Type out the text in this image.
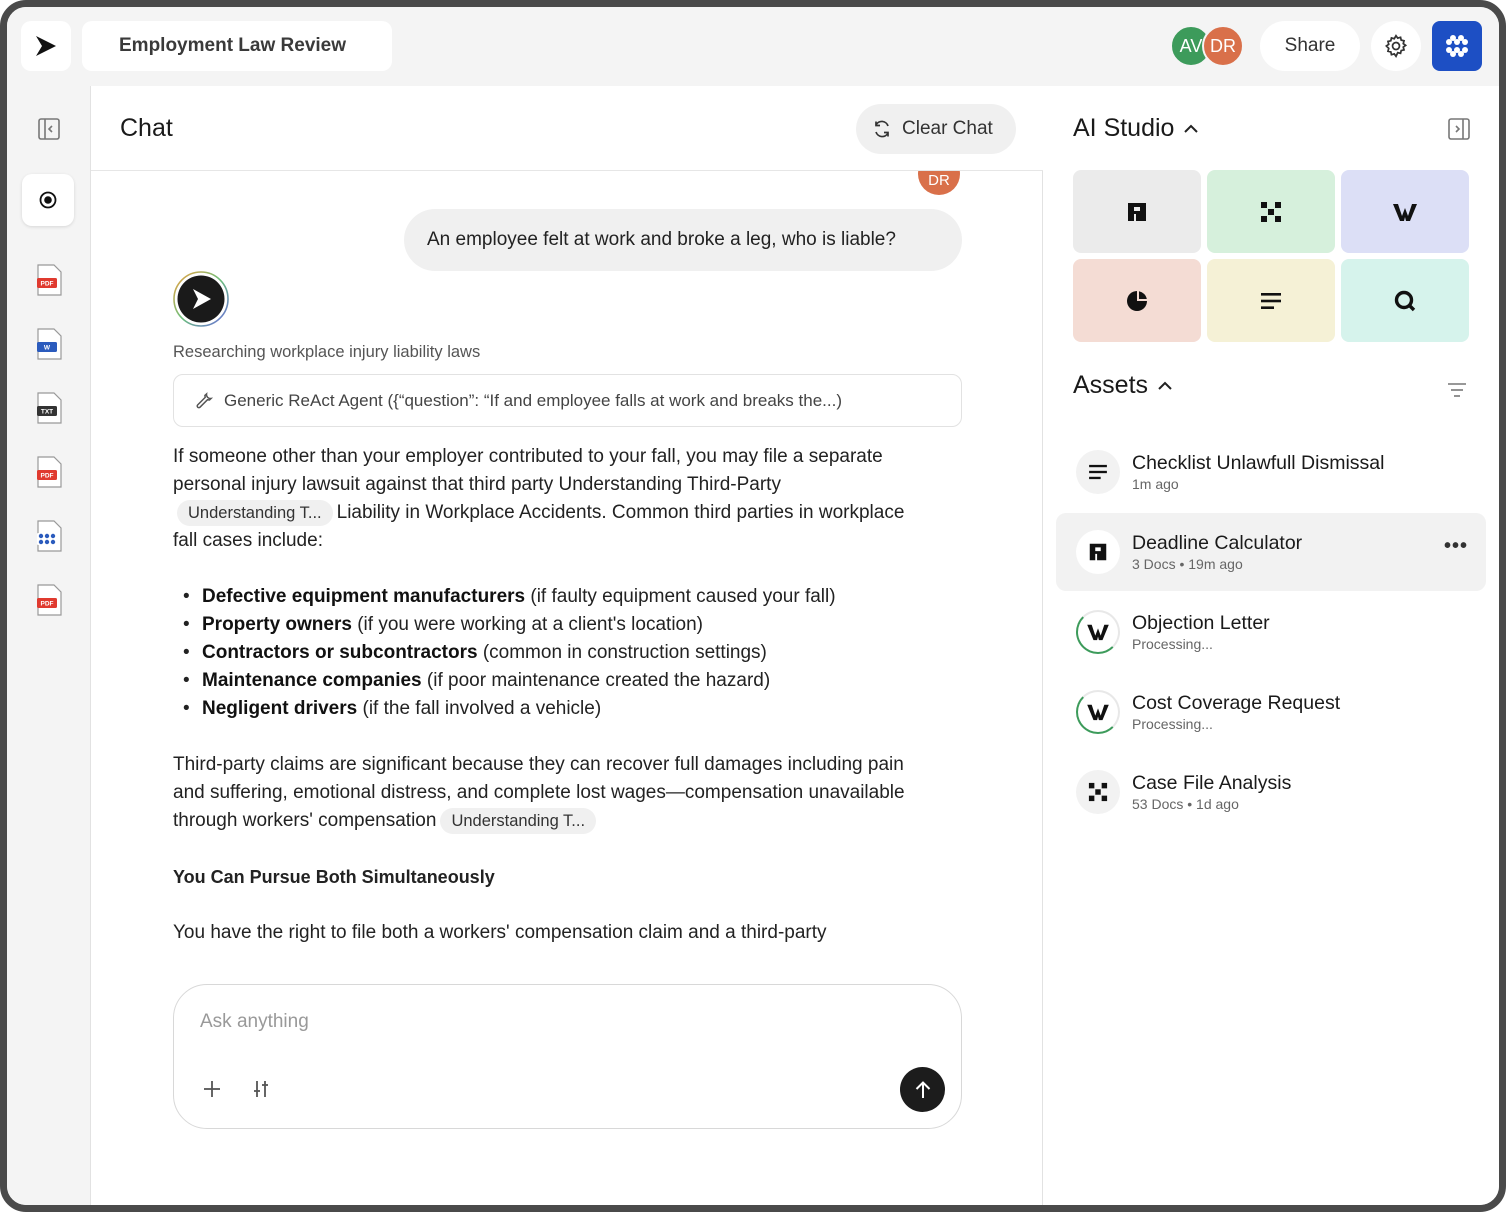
Employment Law Review	AV DR	Share
PDF
W
TXT
PDF
PDF
Chat	Clear Chat
DR
An employee felt at work and broke a leg, who is liable?
Researching workplace injury liability laws
Generic ReAct Agent ({“question”: “If and employee falls at work and breaks the...)

If someone other than your employer contributed to your fall, you may file a separate personal injury lawsuit against that third party Understanding Third-PartyUnderstanding T... Liability in Workplace Accidents. Common third parties in workplace fall cases include:

• Defective equipment manufacturers (if faulty equipment caused your fall)
• Property owners (if you were working at a client's location)
• Contractors or subcontractors (common in construction settings)
• Maintenance companies (if poor maintenance created the hazard)
• Negligent drivers (if the fall involved a vehicle)

Third-party claims are significant because they can recover full damages including pain and suffering, emotional distress, and complete lost wages—compensation unavailable through workers' compensation Understanding T...

You Can Pursue Both Simultaneously

You have the right to file both a workers' compensation claim and a third-party

Ask anything
AI Studio
Assets
Checklist Unlawfull Dismissal
1m ago
Deadline Calculator
3 Docs • 19m ago
•••
Objection Letter
Processing...
Cost Coverage Request
Processing...
Case File Analysis
53 Docs • 1d ago
